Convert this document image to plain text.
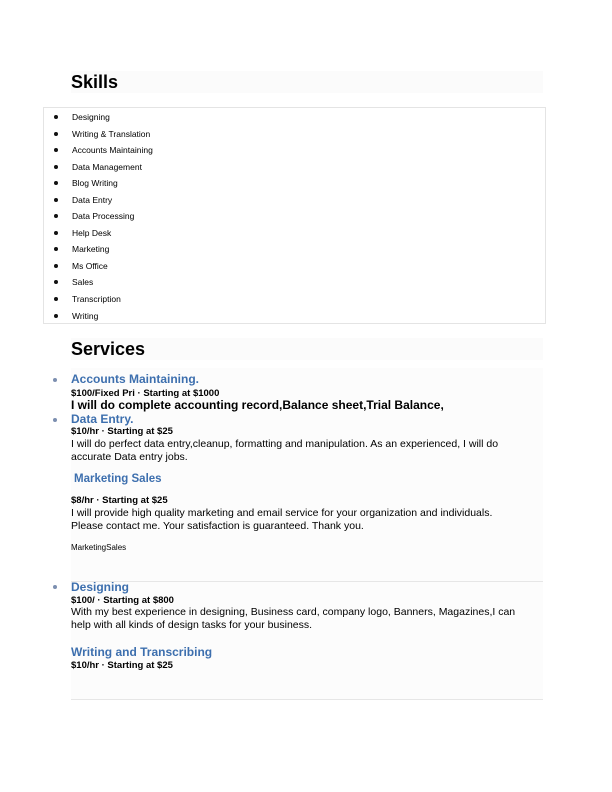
Skills
Designing
Writing & Translation
Accounts Maintaining
Data Management
Blog Writing
Data Entry
Data Processing
Help Desk
Marketing
Ms Office
Sales
Transcription
Writing
Services
Accounts Maintaining.
$100/Fixed Pri · Starting at $1000
I will do complete accounting record,Balance sheet,Trial Balance,
Data Entry.
$10/hr · Starting at $25
I will do perfect data entry,cleanup, formatting and manipulation. As an experienced, I will do
accurate Data entry jobs.
Marketing Sales
$8/hr · Starting at $25
I will provide high quality marketing and email service for your organization and individuals.
Please contact me. Your satisfaction is guaranteed. Thank you.
MarketingSales
Designing
$100/ · Starting at $800
With my best experience in designing, Business card, company logo, Banners, Magazines,I can
help with all kinds of design tasks for your business.
Writing and Transcribing
$10/hr · Starting at $25
